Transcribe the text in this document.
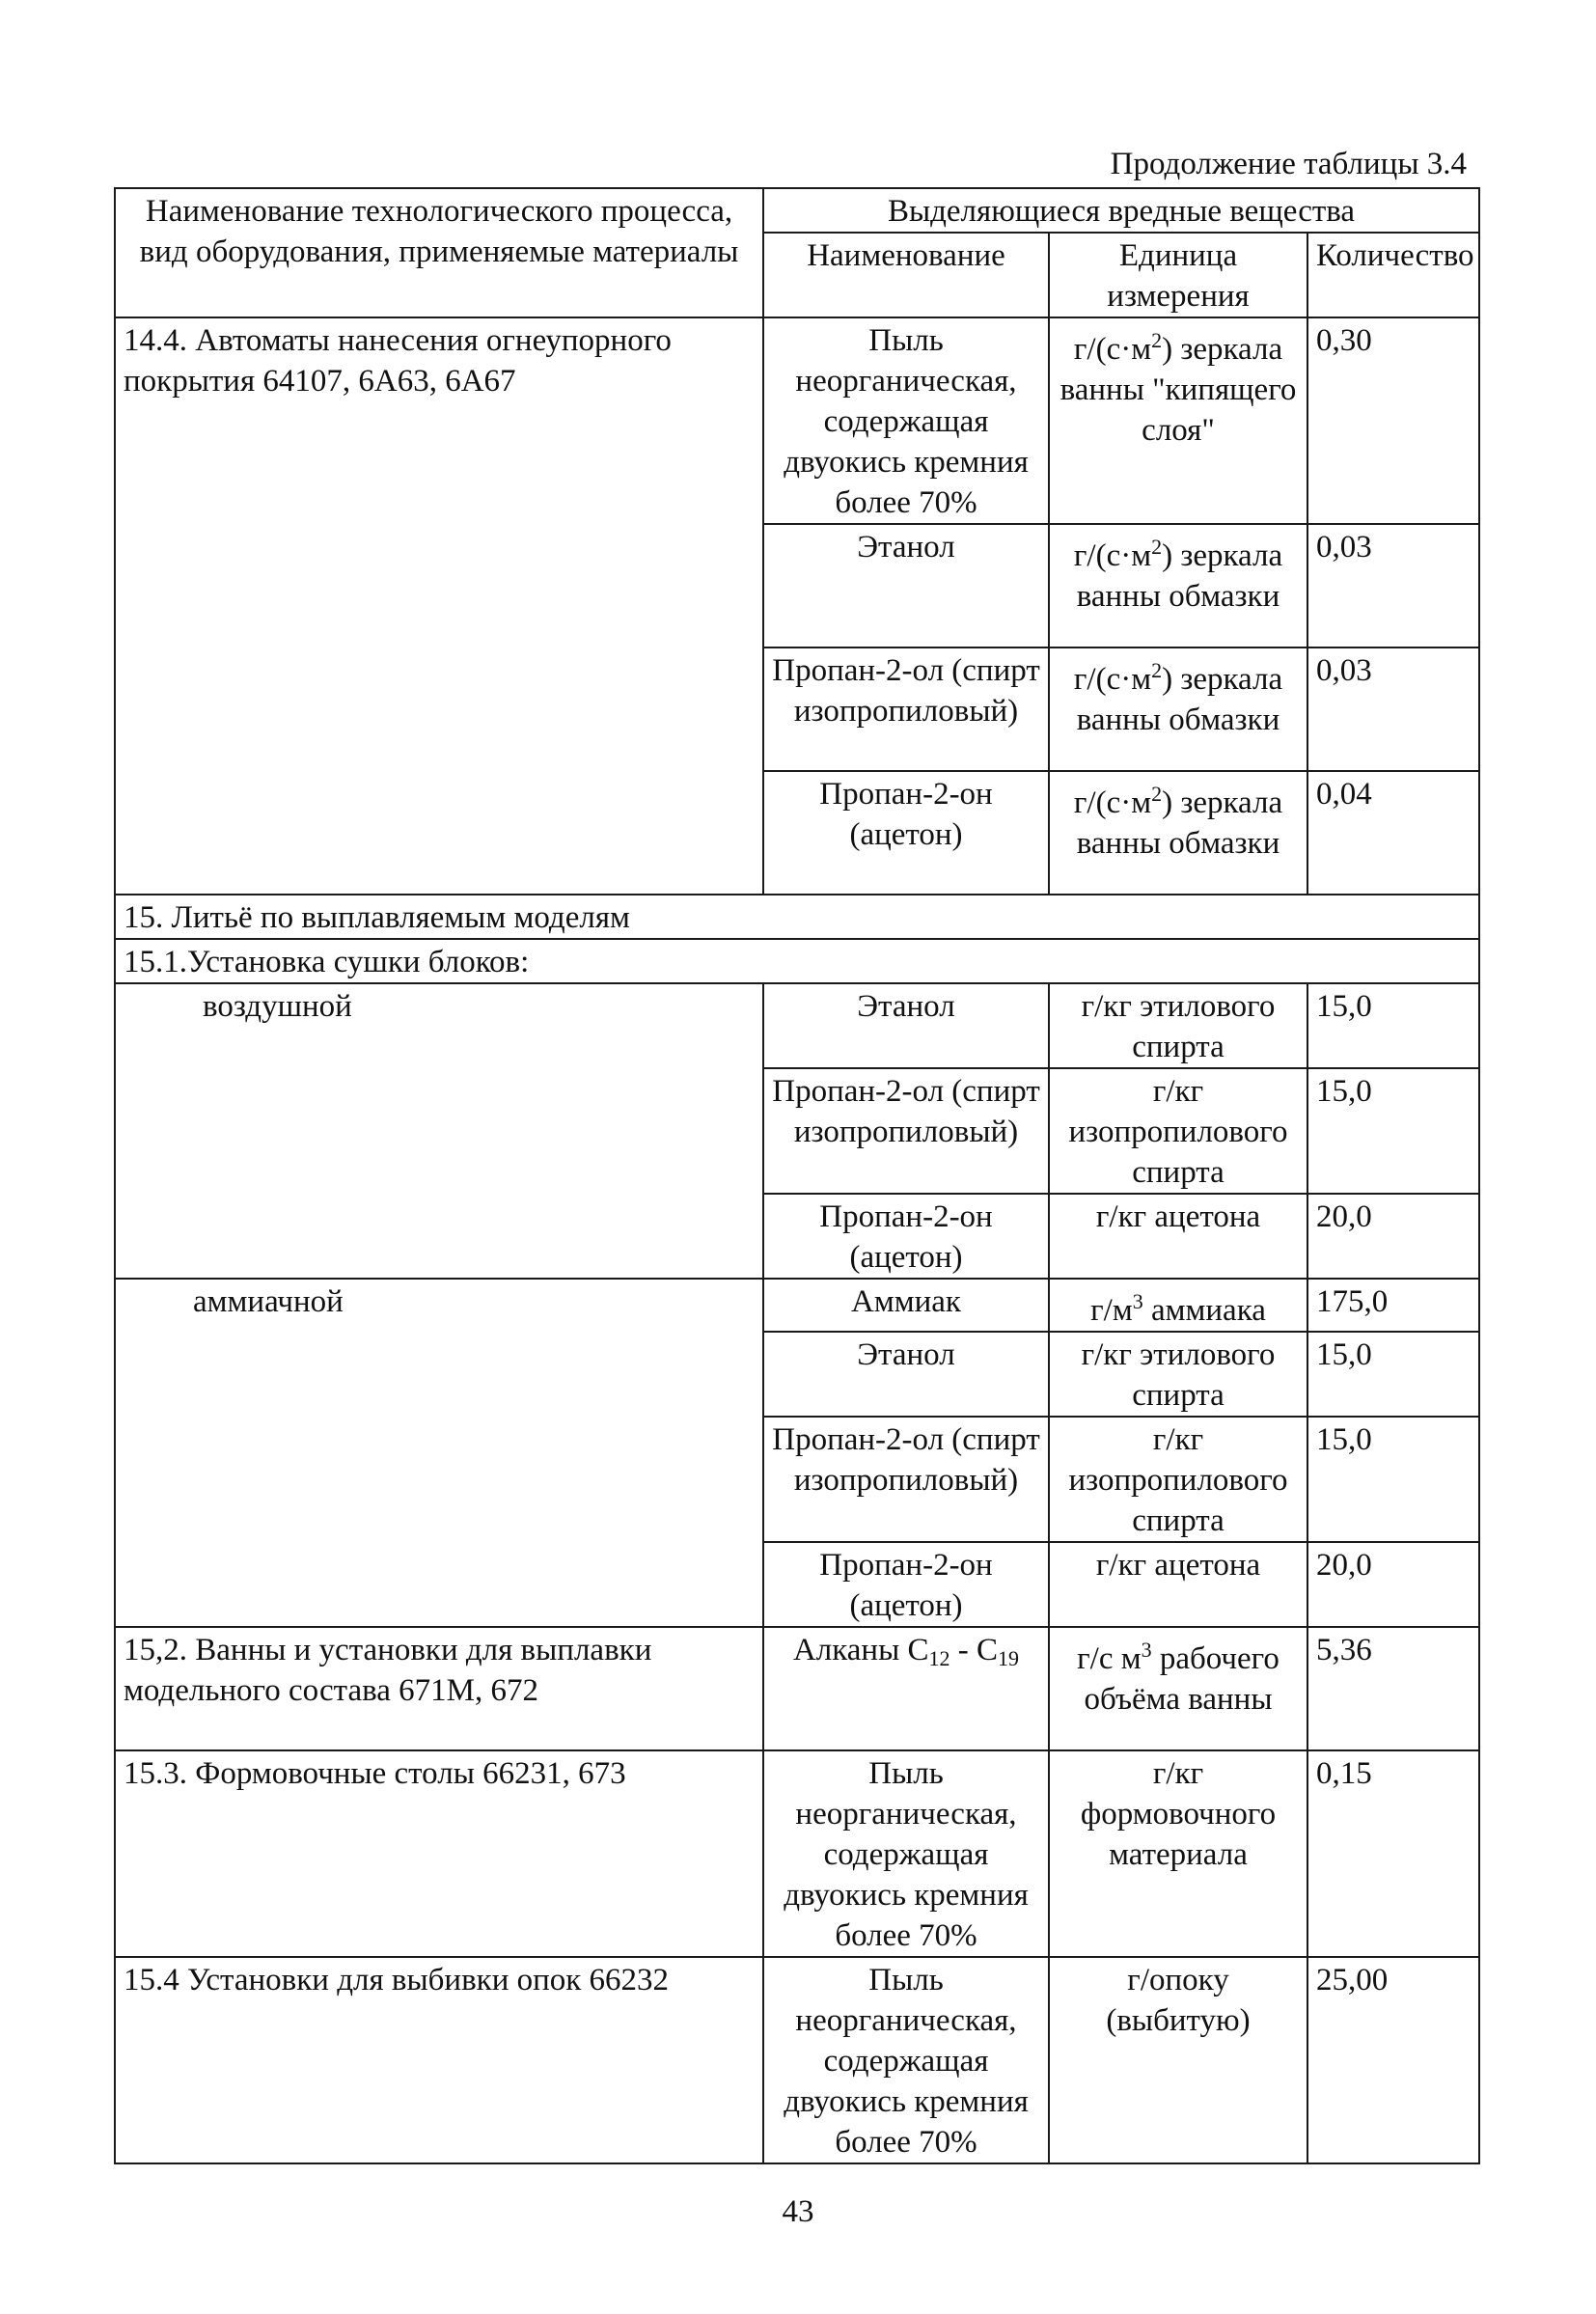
Продолжение таблицы 3.4
Наименование технологического процесса, вид оборудования, применяемые материалы	Выделяющиеся вредные вещества		
	Наименование	Единица измерения	Количество
14.4. Автоматы нанесения огнеупорного покрытия 64107, 6А63, 6А67	Пыль неорганическая, содержащая двуокись кремния более 70%	$г/(с\cdot м^2)$ зеркала ванны "кипящего слоя"	0,30
	Этанол	$г/(с\cdot м^2)$ зеркала ванны обмазки	0,03
	Пропан-2-ол (спирт изопропиловый)	$г/(с\cdot м^2)$ зеркала ванны обмазки	0,03
	Пропан-2-он (ацетон)	$г/(с\cdot м^2)$ зеркала ванны обмазки	0,04
15. Литьё по выплавляемым моделям			
15.1.Установка сушки блоков:			
воздушной	Этанол	г/кг этилового спирта	15,0
	Пропан-2-ол (спирт изопропиловый)	г/кг изопропилового спирта	15,0
	Пропан-2-он (ацетон)	г/кг ацетона	20,0
аммиачной	Аммиак	$г/м^3$ аммиака	175,0
	Этанол	г/кг этилового спирта	15,0
	Пропан-2-ол (спирт изопропиловый)	г/кг изопропилового спирта	15,0
	Пропан-2-он (ацетон)	г/кг ацетона	20,0
15,2. Ванны и установки для выплавки модельного состава 671М, 672	Алканы $С_{12} - С_{19}$	г/с $м^3$ рабочего объёма ванны	5,36
15.3. Формовочные столы 66231, 673	Пыль неорганическая, содержащая двуокись кремния более 70%	г/кг формовочного материала	0,15
15.4 Установки для выбивки опок 66232	Пыль неорганическая, содержащая двуокись кремния более 70%	г/опоку (выбитую)	25,00
43
